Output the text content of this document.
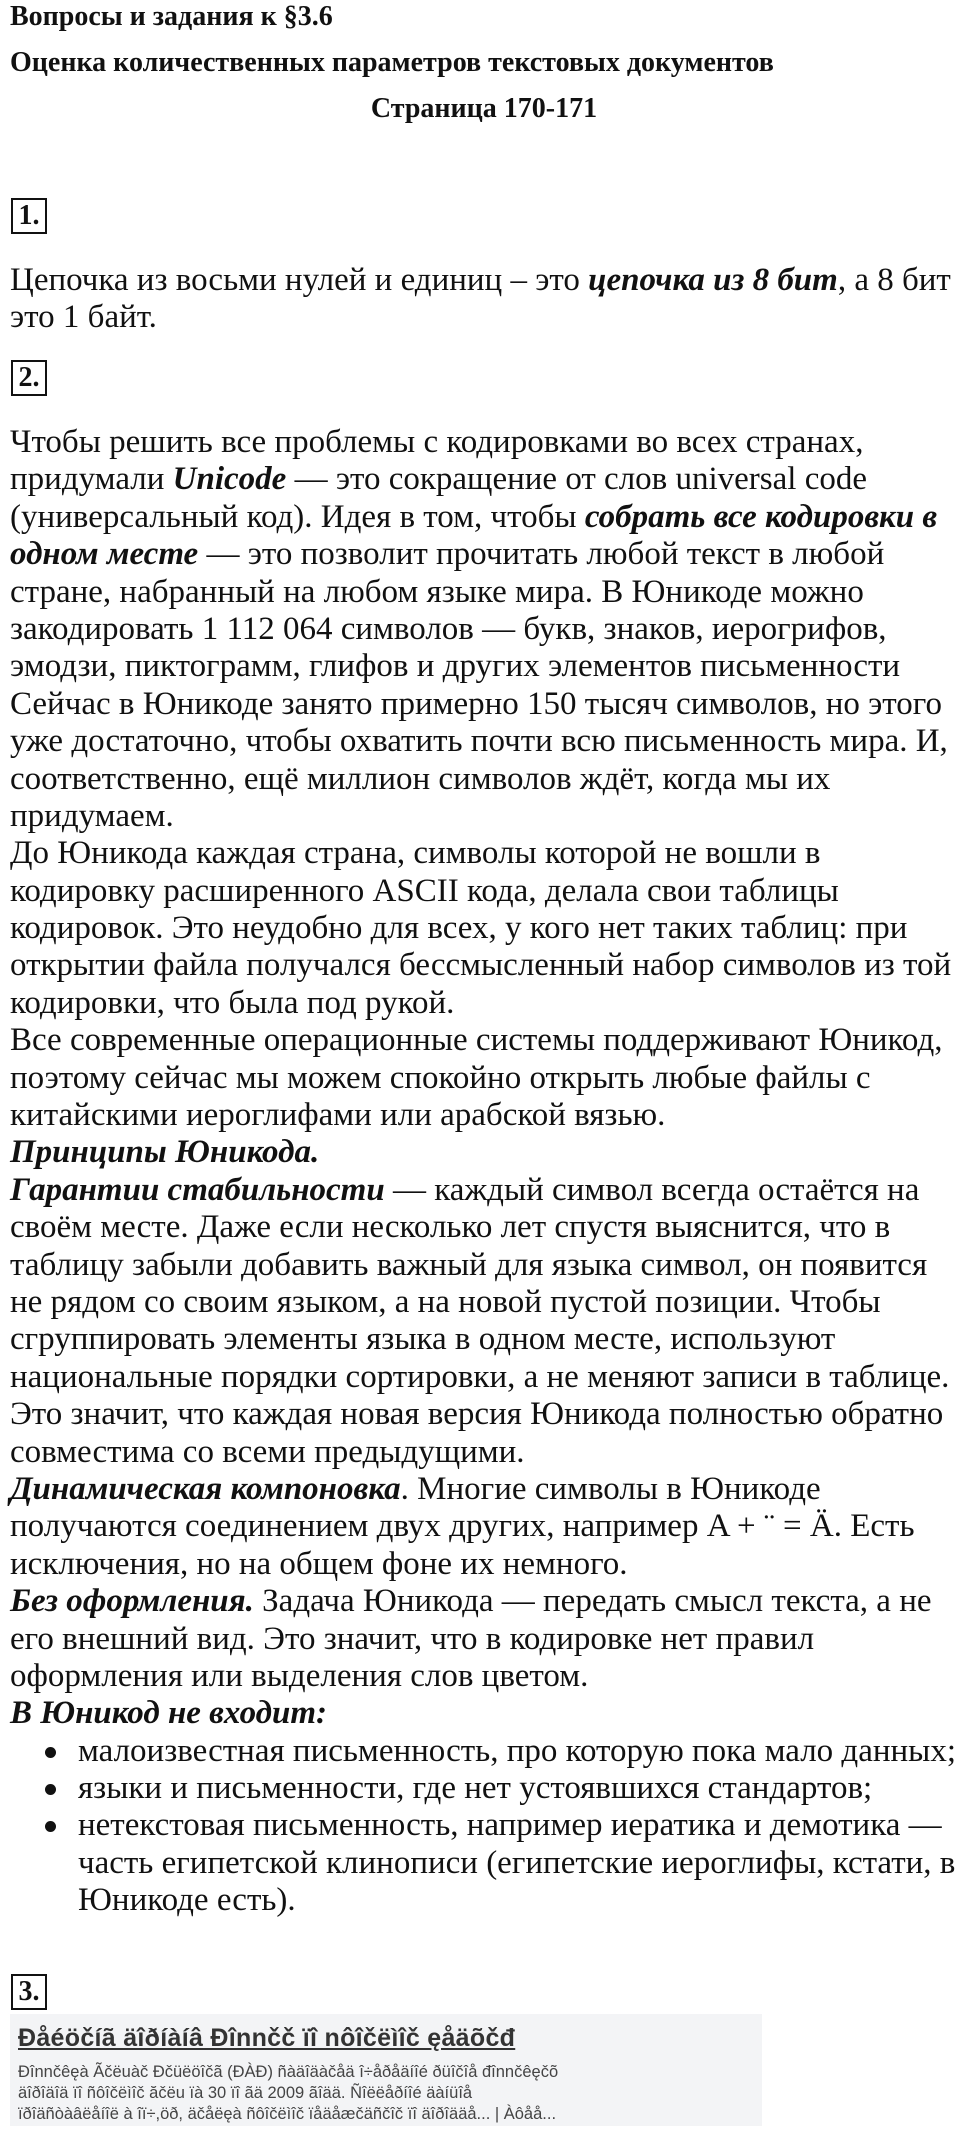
Вопросы и задания к §3.6
Оценка количественных параметров текстовых документов
Страница 170-171
1.
Цепочка из восьми нулей и единиц – это цепочка из 8 бит, а 8 бит
это 1 байт.
2.
Чтобы решить все проблемы с кодировками во всех странах,
придумали Unicode — это сокращение от слов universal code
(универсальный код). Идея в том, чтобы собрать все кодировки в
одном месте — это позволит прочитать любой текст в любой
стране, набранный на любом языке мира. В Юникоде можно
закодировать 1 112 064 символов — букв, знаков, иерогрифов,
эмодзи, пиктограмм, глифов и других элементов письменности
Сейчас в Юникоде занято примерно 150 тысяч символов, но этого
уже достаточно, чтобы охватить почти всю письменность мира. И,
соответственно, ещё миллион символов ждёт, когда мы их
придумаем.
До Юникода каждая страна, символы которой не вошли в
кодировку расширенного ASCII кода, делала свои таблицы
кодировок. Это неудобно для всех, у кого нет таких таблиц: при
открытии файла получался бессмысленный набор символов из той
кодировки, что была под рукой.
Все современные операционные системы поддерживают Юникод,
поэтому сейчас мы можем спокойно открыть любые файлы с
китайскими иероглифами или арабской вязью.
Принципы Юникода.
Гарантии стабильности — каждый символ всегда остаётся на
своём месте. Даже если несколько лет спустя выяснится, что в
таблицу забыли добавить важный для языка символ, он появится
не рядом со своим языком, а на новой пустой позиции. Чтобы
сгруппировать элементы языка в одном месте, используют
национальные порядки сортировки, а не меняют записи в таблице.
Это значит, что каждая новая версия Юникода полностью обратно
совместима со всеми предыдущими.
Динамическая компоновка. Многие символы в Юникоде
получаются соединением двух других, например A + ¨ = Ä. Есть
исключения, но на общем фоне их немного.
Без оформления. Задача Юникода — передать смысл текста, а не
его внешний вид. Это значит, что в кодировке нет правил
оформления или выделения слов цветом.
В Юникод не входит:
малоизвестная письменность, про которую пока мало данных;
языки и письменности, где нет устоявшихся стандартов;
нетекстовая письменность, например иератика и демотика —
часть египетской клинописи (египетские иероглифы, кстати, в
Юникоде есть).
3.
Ðåéöčíã äîðíàíâ Ðînnčč ïî nôîčëìîč ęåäõčđ
Ðînnčêęà Ãčëuàč Ðčüëöîčã (ÐÀÐ) ñàäîäàčåä î÷åðåäíîé ðüîčîå đînnčêęčõ
äîðîäîä ïî ñôîčëìîč ăčëu ïà 30 ïî ãä 2009 ãîää. Ñîëëåðíîé äàíüîå
ïðîäñòàâëåíîë à îï÷,öð, äčåëęà ñôîčëìîč ïåäåæčäñčîč ïî äîðîääå... | Àôåå...
